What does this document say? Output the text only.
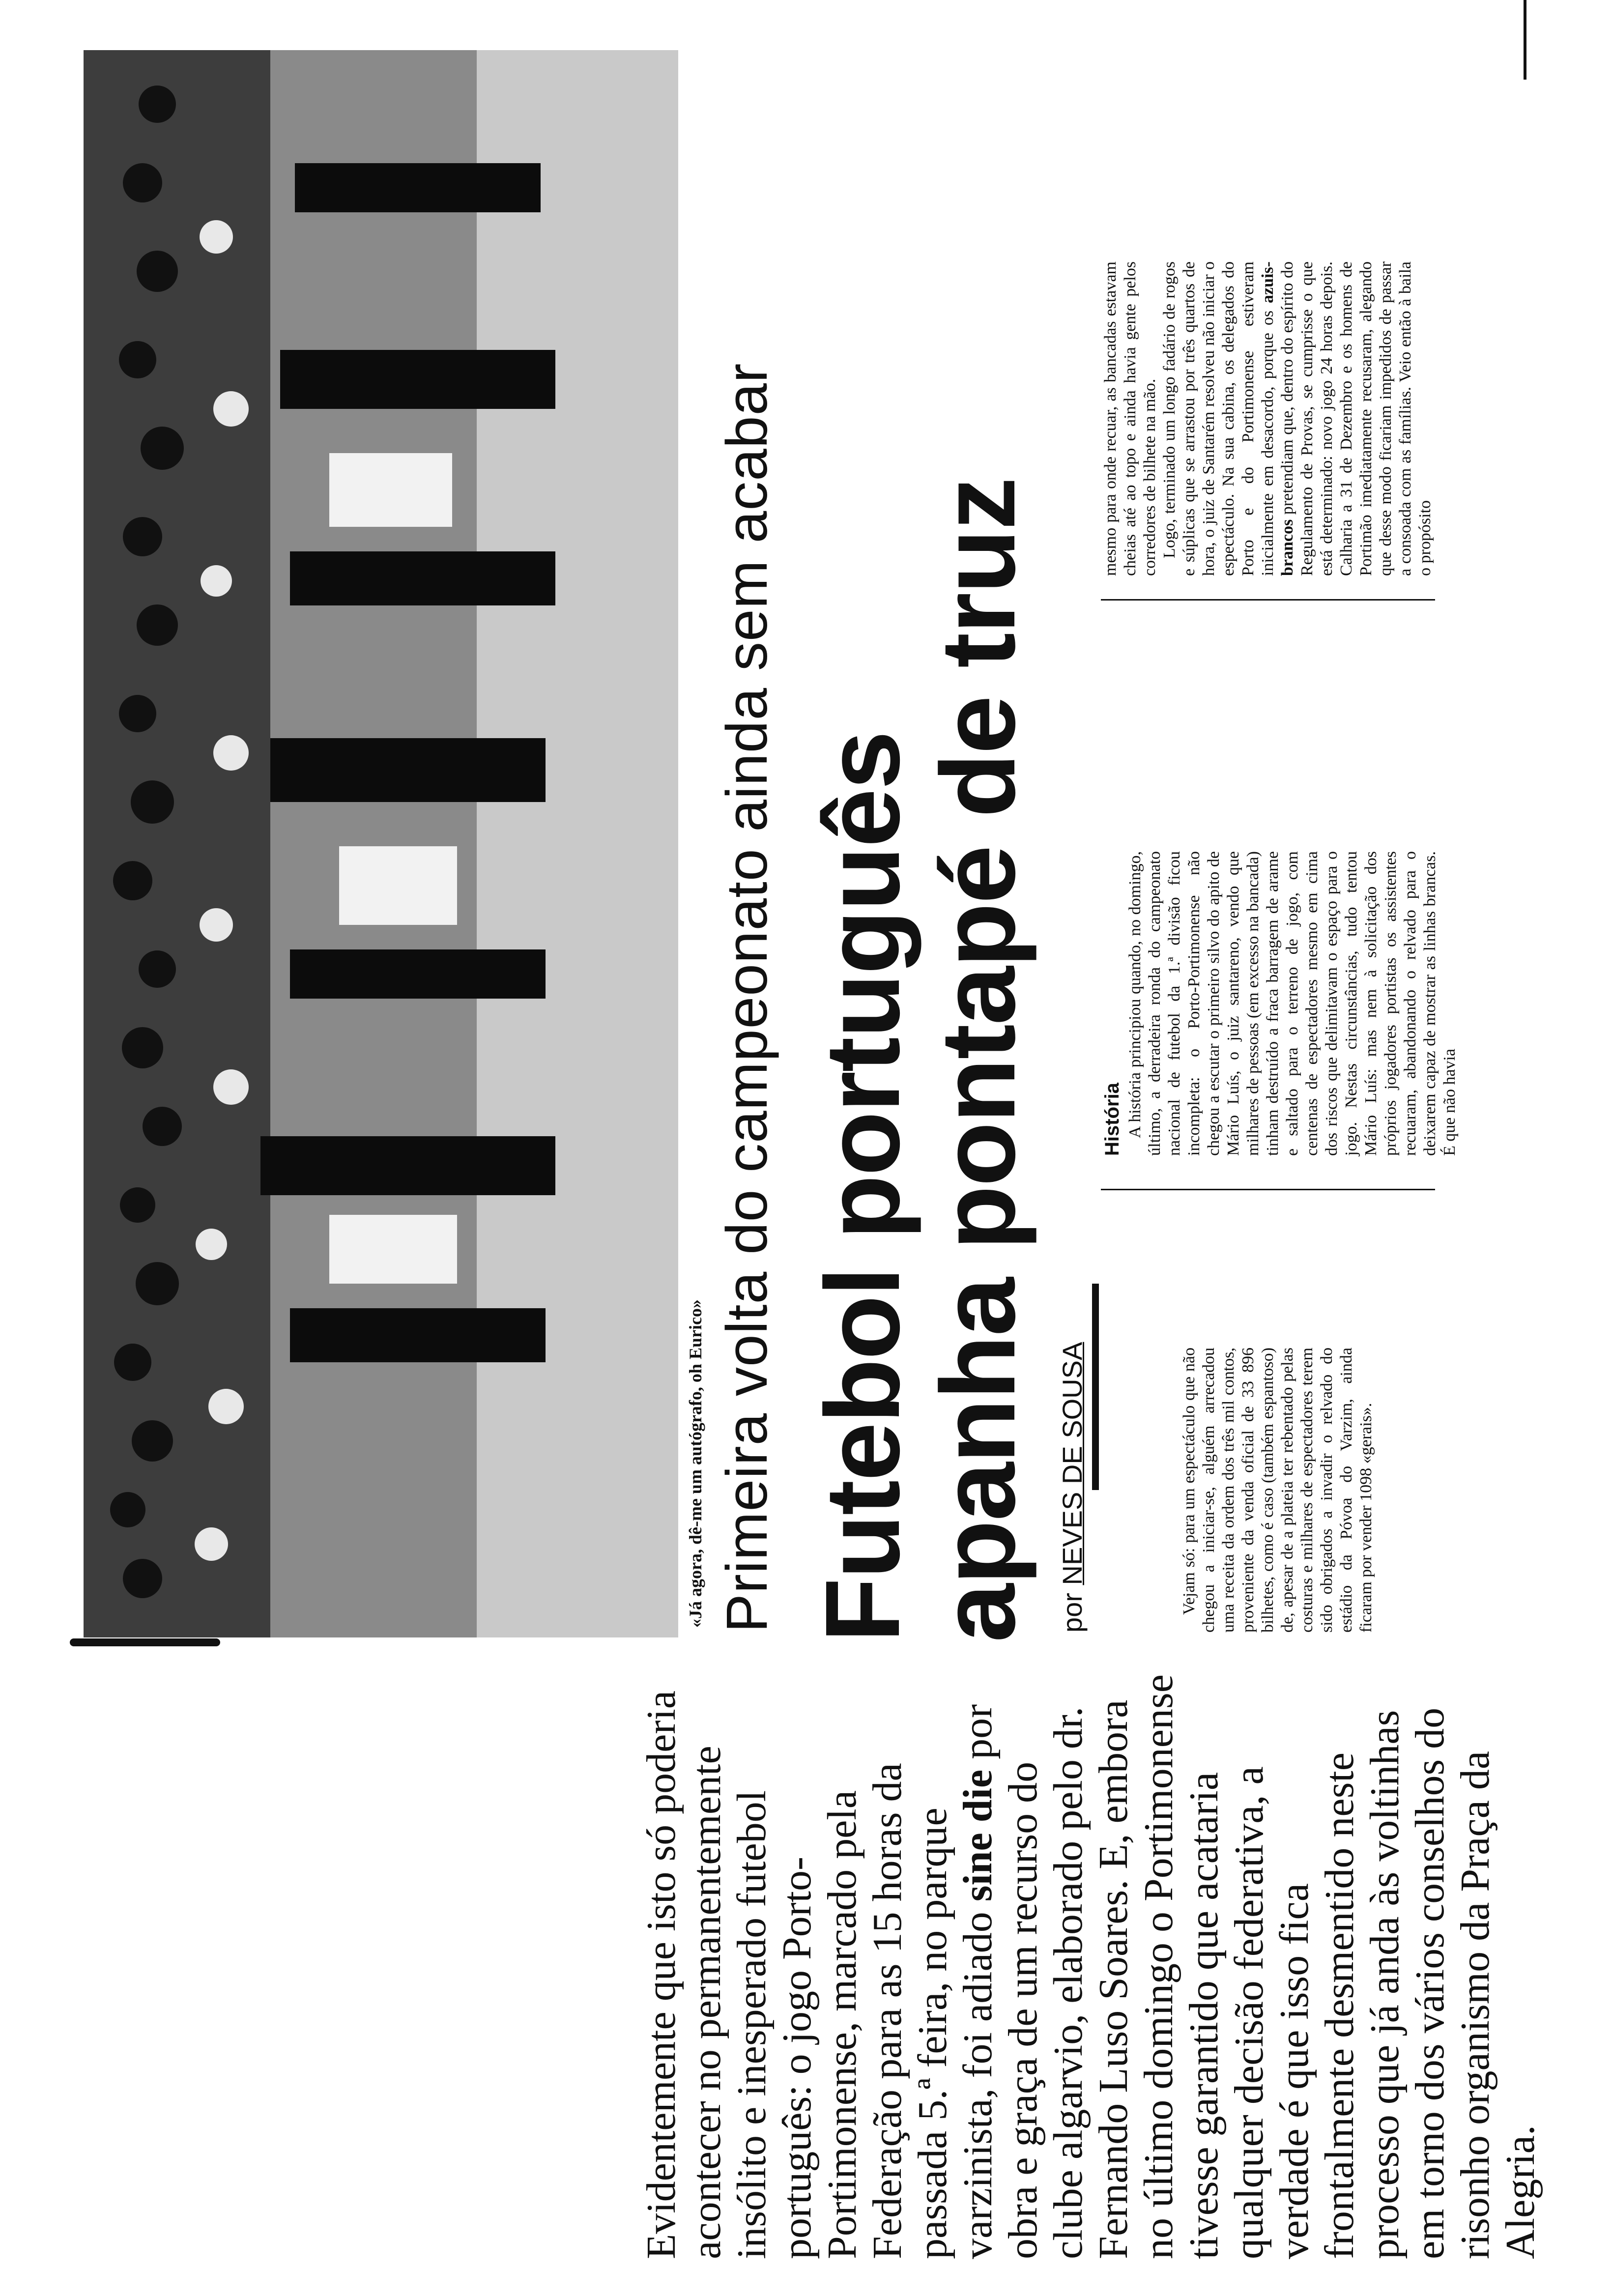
«Já agora, dê-me um autógrafo, oh Eurico» Primeira volta do campeonato ainda sem acabar Futebol português
apanha pontapé de truz por NEVES DE SOUSA

Evidentemente que isto só poderia acontecer no permanentemente insólito e inesperado futebol português: o jogo Porto-Portimonense, marcado pela Federação para as 15 horas da passada 5.ª feira, no parque varzinista, foi adiado sine die por obra e graça de um recurso do clube algarvio, elaborado pelo dr. Fernando Luso Soares. E, embora no último domingo o Portimonense tivesse garantido que acataria qualquer decisão federativa, a verdade é que isso fica frontalmente desmentido neste processo que já anda às voltinhas em torno dos vários conselhos do risonho organismo da Praça da Alegria.

Vejam só: para um espectáculo que não chegou a iniciar-se, alguém arrecadou uma receita da ordem dos três mil contos, proveniente da venda oficial de 33 896 bilhetes, como é caso (também espantoso) de, apesar de a plateia ter rebentado pelas costuras e milhares de espectadores terem sido obrigados a invadir o relvado do estádio da Póvoa do Varzim, ainda ficaram por vender 1098 «gerais».

História A história principiou quando, no domingo, último, a derradeira ronda do campeonato nacional de futebol da 1.ª divisão ficou incompleta: o Porto-Portimonense não chegou a escutar o primeiro silvo do apito de Mário Luís, o juiz santareno, vendo que milhares de pessoas (em excesso na bancada) tinham destruído a fraca barragem de arame e saltado para o terreno de jogo, com centenas de espectadores mesmo em cima dos riscos que delimitavam o espaço para o jogo. Nestas circunstâncias, tudo tentou Mário Luís: mas nem à solicitação dos próprios jogadores portistas os assistentes recuaram, abandonando o relvado para o deixarem capaz de mostrar as linhas brancas. É que não havia

mesmo para onde recuar, as bancadas estavam cheias até ao topo e ainda havia gente pelos corredores de bilhete na mão. Logo, terminado um longo fadário de rogos e súplicas que se arrastou por três quartos de hora, o juiz de Santarém resolveu não iniciar o espectáculo. Na sua cabina, os delegados do Porto e do Portimonense estiveram inicialmente em desacordo, porque os azuis-brancos pretendiam que, dentro do espírito do Regulamento de Provas, se cumprisse o que está determinado: novo jogo 24 horas depois. Calharia a 31 de Dezembro e os homens de Portimão imediatamente recusaram, alegando que desse modo ficariam impedidos de passar a consoada com as famílias. Veio então à baila o propósito
